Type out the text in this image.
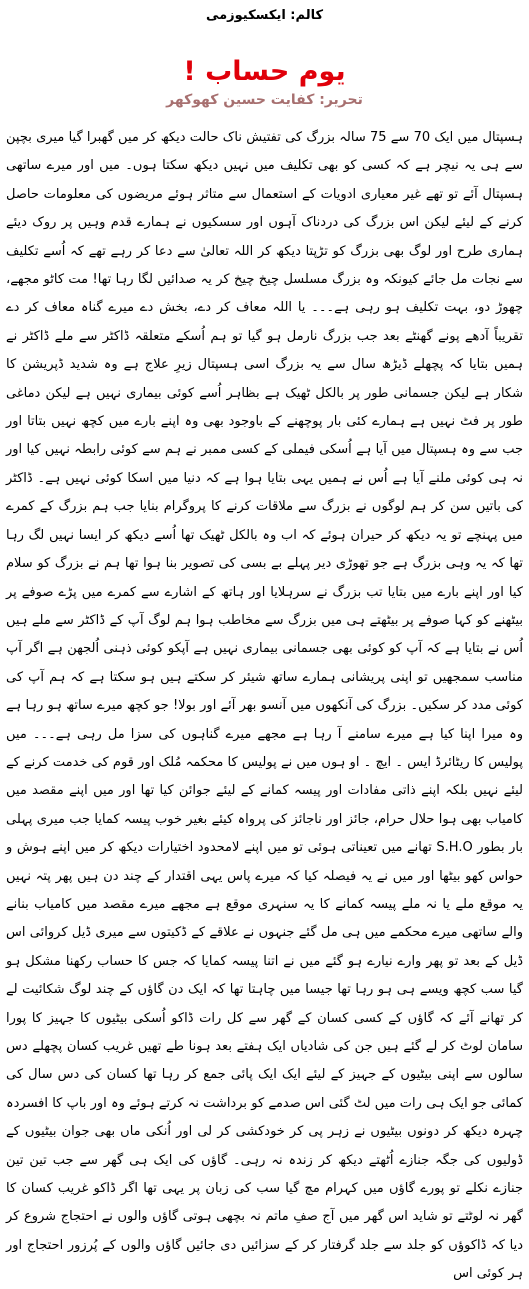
کالم: ایکسکیوزمی
یوم حساب !
تحریر: کفایت حسین کھوکھر

ہسپتال میں ایک 70 سے 75 سالہ بزرگ کی تفتیش ناک حالت دیکھ کر میں گھبرا گیا میری بچپن سے ہی یہ نیچر ہے کہ کسی کو بھی تکلیف میں نہیں دیکھ سکتا ہوں۔ میں اور میرے ساتھی ہسپتال آئے تو تھے غیر معیاری ادویات کے استعمال سے متاثر ہوئے مریضوں کی معلومات حاصل کرنے کے لیئے لیکن اس بزرگ کی دردناک آہوں اور سسکیوں نے ہمارے قدم وہیں پر روک دیئے ہماری طرح اور لوگ بھی بزرگ کو تڑپتا دیکھ کر اللہ تعالیٰ سے دعا کر رہے تھے کہ اُسے تکلیف سے نجات مل جائے کیونکہ وہ بزرگ مسلسل چیخ چیخ کر یہ صدائیں لگا رہا تھا! مت کاٹو مجھے، چھوڑ دو، بہت تکلیف ہو رہی ہے۔۔۔ یا اللہ معاف کر دے، بخش دے میرے گناہ معاف کر دے تقریباً آدھے پونے گھنٹے بعد جب بزرگ نارمل ہو گیا تو ہم اُسکے متعلقہ ڈاکٹر سے ملے ڈاکٹر نے ہمیں بتایا کہ پچھلے ڈیڑھ سال سے یہ بزرگ اسی ہسپتال زیرِ علاج ہے وہ شدید ڈپریشن کا شکار ہے لیکن جسمانی طور پر بالکل ٹھیک ہے بظاہر اُسے کوئی بیماری نہیں ہے لیکن دماغی طور پر فٹ نہیں ہے ہمارے کئی بار پوچھنے کے باوجود بھی وہ اپنے بارے میں کچھ نہیں بتاتا اور جب سے وہ ہسپتال میں آیا ہے اُسکی فیملی کے کسی ممبر نے ہم سے کوئی رابطہ نہیں کیا اور نہ ہی کوئی ملنے آیا ہے اُس نے ہمیں یہی بتایا ہوا ہے کہ دنیا میں اسکا کوئی نہیں ہے۔ ڈاکٹر کی باتیں سن کر ہم لوگوں نے بزرگ سے ملاقات کرنے کا پروگرام بنایا جب ہم بزرگ کے کمرے میں پہنچے تو یہ دیکھ کر حیران ہوئے کہ اب وہ بالکل ٹھیک تھا اُسے دیکھ کر ایسا نہیں لگ رہا تھا کہ یہ وہی بزرگ ہے جو تھوڑی دیر پہلے بے بسی کی تصویر بنا ہوا تھا ہم نے بزرگ کو سلام کیا اور اپنے بارے میں بتایا تب بزرگ نے سرہلایا اور ہاتھ کے اشارے سے کمرے میں پڑے صوفے پر بیٹھنے کو کہا صوفے پر بیٹھتے ہی میں بزرگ سے مخاطب ہوا ہم لوگ آپ کے ڈاکٹر سے ملے ہیں اُس نے بتایا ہے کہ آپ کو کوئی بھی جسمانی بیماری نہیں ہے آپکو کوئی ذہنی اُلجھن ہے اگر آپ مناسب سمجھیں تو اپنی پریشانی ہمارے ساتھ شیئر کر سکتے ہیں ہو سکتا ہے کہ ہم آپ کی کوئی مدد کر سکیں۔ بزرگ کی آنکھوں میں آنسو بھر آئے اور بولا! جو کچھ میرے ساتھ ہو رہا ہے وہ میرا اپنا کیا ہے میرے سامنے آ رہا ہے مجھے میرے گناہوں کی سزا مل رہی ہے۔۔۔ میں پولیس کا ریٹائرڈ ایس ۔ ایچ ۔ او ہوں میں نے پولیس کا محکمہ مُلک اور قوم کی خدمت کرنے کے لیئے نہیں بلکہ اپنے ذاتی مفادات اور پیسہ کمانے کے لیئے جوائن کیا تھا اور میں اپنے مقصد میں کامیاب بھی ہوا حلال حرام، جائز اور ناجائز کی پرواہ کیئے بغیر خوب پیسہ کمایا جب میری پہلی بار بطور S.H.O تھانے میں تعیناتی ہوئی تو میں اپنے لامحدود اختیارات دیکھ کر میں اپنے ہوش و حواس کھو بیٹھا اور میں نے یہ فیصلہ کیا کہ میرے پاس یہی اقتدار کے چند دن ہیں پھر پتہ نہیں یہ موقع ملے یا نہ ملے پیسہ کمانے کا یہ سنہری موقع ہے مجھے میرے مقصد میں کامیاب بنانے والے ساتھی میرے محکمے میں ہی مل گئے جنہوں نے علاقے کے ڈکیتوں سے میری ڈیل کروائی اس ڈیل کے بعد تو پھر وارے نیارے ہو گئے میں نے اتنا پیسہ کمایا کہ جس کا حساب رکھنا مشکل ہو گیا سب کچھ ویسے ہی ہو رہا تھا جیسا میں چاہتا تھا کہ ایک دن گاؤں کے چند لوگ شکائیت لے کر تھانے آئے کہ گاؤں کے کسی کسان کے گھر سے کل رات ڈاکو اُسکی بیٹیوں کا جہیز کا پورا سامان لوٹ کر لے گئے ہیں جن کی شادیاں ایک ہفتے بعد ہونا طے تھیں غریب کسان پچھلے دس سالوں سے اپنی بیٹیوں کے جہیز کے لیئے ایک ایک پائی جمع کر رہا تھا کسان کی دس سال کی کمائی جو ایک ہی رات میں لٹ گئی اس صدمے کو برداشت نہ کرتے ہوئے وہ اور باپ کا افسردہ چہرہ دیکھ کر دونوں بیٹیوں نے زہر پی کر خودکشی کر لی اور اُنکی ماں بھی جوان بیٹیوں کے ڈولیوں کی جگہ جنازے اُٹھتے دیکھ کر زندہ نہ رہی۔ گاؤں کی ایک ہی گھر سے جب تین تین جنازے نکلے تو پورے گاؤں میں کہرام مچ گیا سب کی زبان پر یہی تھا اگر ڈاکو غریب کسان کا گھر نہ لوٹتے تو شاید اس گھر میں آج صفِ ماتم نہ بچھی ہوتی گاؤں والوں نے احتجاج شروع کر دیا کہ ڈاکوؤں کو جلد سے جلد گرفتار کر کے سزائیں دی جائیں گاؤں والوں کے پُرزور احتجاج اور ہر کوئی اس
